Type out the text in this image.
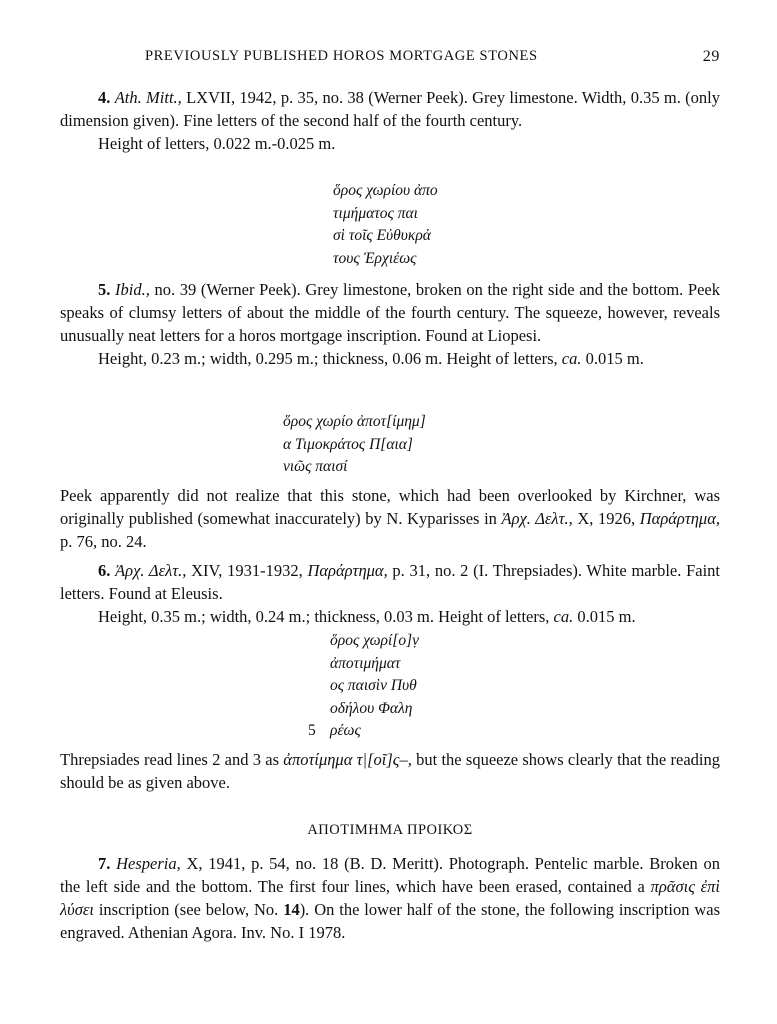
PREVIOUSLY PUBLISHED HOROS MORTGAGE STONES	29

4. Ath. Mitt., LXVII, 1942, p. 35, no. 38 (Werner Peek). Grey limestone. Width, 0.35 m. (only dimension given). Fine letters of the second half of the fourth century.

Height of letters, 0.022 m.-0.025 m.

ὅρος χωρίου ἀπο
τιμήματος παι
σὶ τοῖς Εὐθυκρά
τους Ἐρχιέως

5. Ibid., no. 39 (Werner Peek). Grey limestone, broken on the right side and the bottom. Peek speaks of clumsy letters of about the middle of the fourth century. The squeeze, however, reveals unusually neat letters for a horos mortgage inscription. Found at Liopesi.

Height, 0.23 m.; width, 0.295 m.; thickness, 0.06 m. Height of letters, ca. 0.015 m.

ὅρος χωρίο ἀποτ[ίμημ]
α Τιμοκράτος Π[αια]
νιῶς παισί

Peek apparently did not realize that this stone, which had been overlooked by Kirchner, was originally published (somewhat inaccurately) by N. Kyparisses in Ἀρχ. Δελτ., X, 1926, Παράρτημα, p. 76, no. 24.

6. Ἀρχ. Δελτ., XIV, 1931-1932, Παράρτημα, p. 31, no. 2 (I. Threpsiades). White marble. Faint letters. Found at Eleusis.

Height, 0.35 m.; width, 0.24 m.; thickness, 0.03 m. Height of letters, ca. 0.015 m.

ὅρος χωρί[ο]ṿ
ἀποτιμήματ
ος παισὶν Πυθ
οδήλου Φαλη
5 ρέως

Threpsiades read lines 2 and 3 as ἀποτίμημα τ|[οῖ]ς–, but the squeeze shows clearly that the reading should be as given above.

ΑΠΟΤΙΜΗΜΑ ΠΡΟΙΚΟΣ

7. Hesperia, X, 1941, p. 54, no. 18 (B. D. Meritt). Photograph. Pentelic marble. Broken on the left side and the bottom. The first four lines, which have been erased, contained a πρᾶσις ἐπὶ λύσει inscription (see below, No. 14). On the lower half of the stone, the following inscription was engraved. Athenian Agora. Inv. No. I 1978.
